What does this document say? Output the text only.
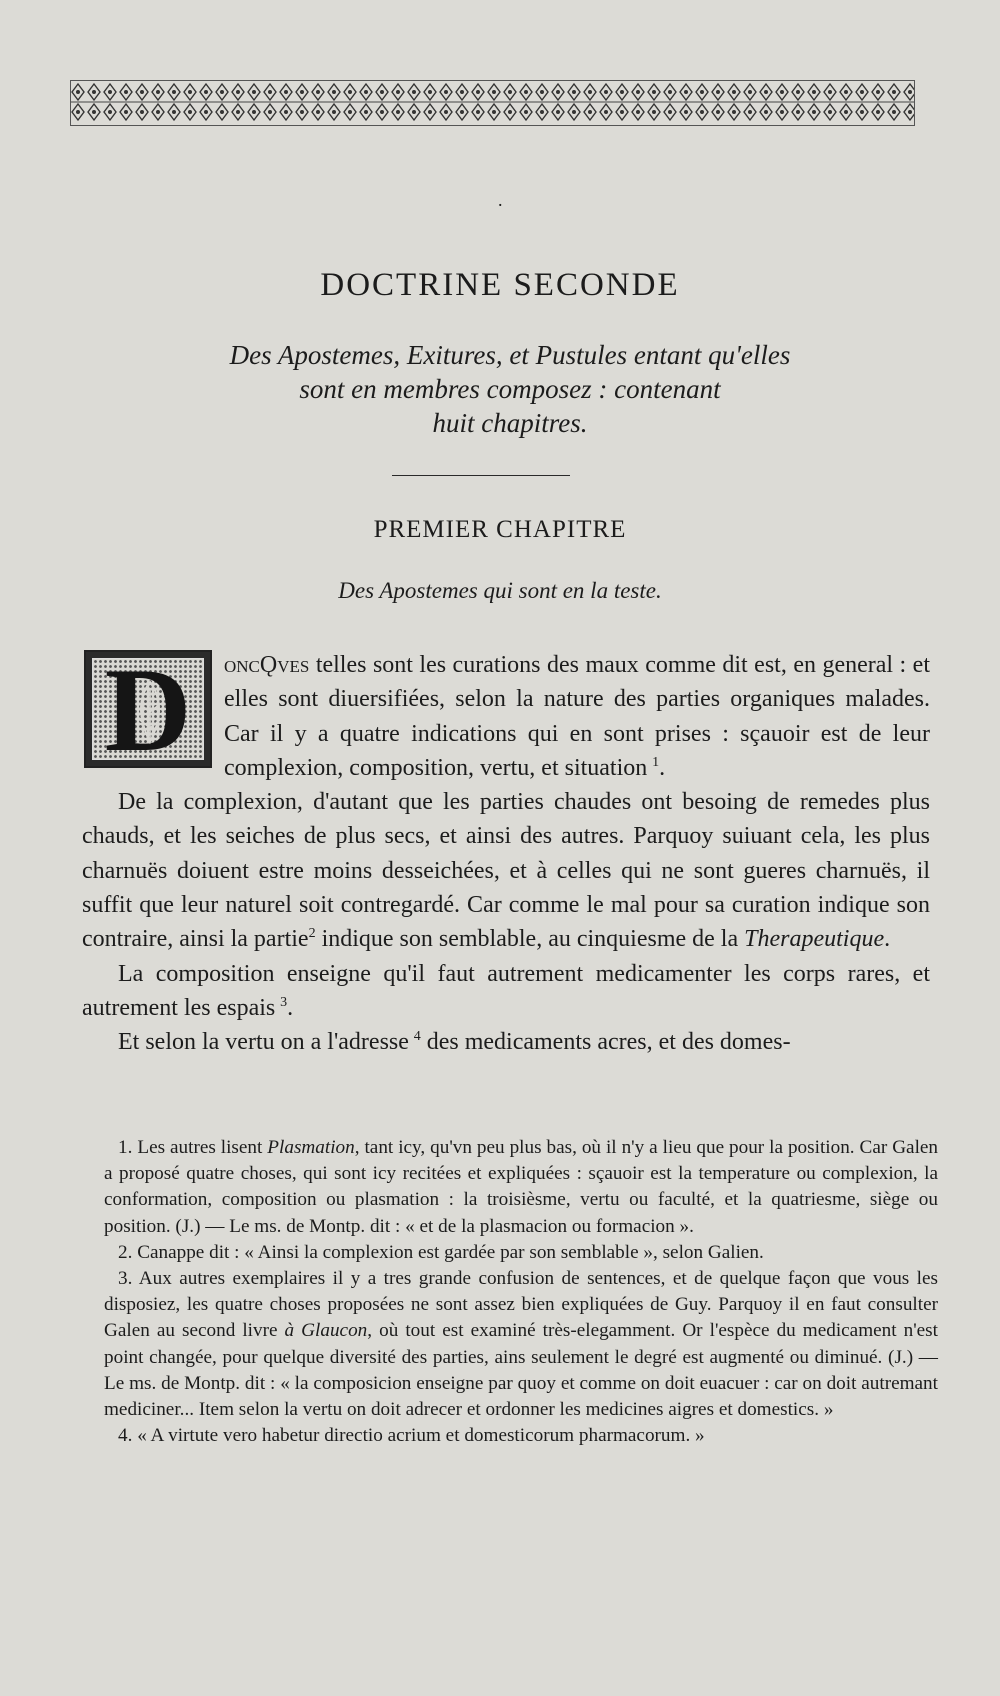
.

DOCTRINE SECONDE
Des Apostemes, Exitures, et Pustules entant qu'elles
sont en membres composez : contenant
huit chapitres.
PREMIER CHAPITRE

Des Apostemes qui sont en la teste.

D	oncǪves telles sont les curations des maux comme dit est, en general : et elles sont diuersifiées, selon la nature des parties organiques malades. Car il y a quatre indications qui en sont prises : sçauoir est de leur complexion, composition, vertu, et situation  $^1$.

De la complexion, d'autant que les parties chaudes ont besoing de remedes plus chauds, et les seiches de plus secs, et ainsi des autres. Parquoy suiuant cela, les plus charnuës doiuent estre moins desseichées, et à celles qui ne sont gueres charnuës, il suffit que leur naturel soit contregardé. Car comme le mal pour sa curation indique son contraire, ainsi la partie$^2$ indique son semblable, au cinquiesme de la Therapeutique.

La composition enseigne qu'il faut autrement medicamenter les corps rares, et autrement les espais  $^3$.

Et selon la vertu on a l'adresse  $^4$ des medicaments acres, et des domes-

1. Les autres lisent Plasmation, tant icy, qu'vn peu plus bas, où il n'y a lieu que pour la position. Car Galen a proposé quatre choses, qui sont icy recitées et expliquées : sçauoir est la temperature ou complexion, la conformation, composition ou plasmation : la troisièsme, vertu ou faculté, et la quatriesme, siège ou position. (J.) — Le ms. de Montp. dit : « et de la plasmacion ou formacion ».

2. Canappe dit : « Ainsi la complexion est gardée par son semblable », selon Galien.

3. Aux autres exemplaires il y a tres grande confusion de sentences, et de quelque façon que vous les disposiez, les quatre choses proposées ne sont assez bien expliquées de Guy. Parquoy il en faut consulter Galen au second livre à Glaucon, où tout est examiné très-elegamment. Or l'espèce du medicament n'est point changée, pour quelque diversité des parties, ains seulement le degré est augmenté ou diminué. (J.) — Le ms. de Montp. dit : « la composicion enseigne par quoy et comme on doit euacuer : car on doit autremant mediciner... Item selon la vertu on doit adrecer et ordonner les medicines aigres et domestics. »

4. « A virtute vero habetur directio acrium et domesticorum pharmacorum. »
